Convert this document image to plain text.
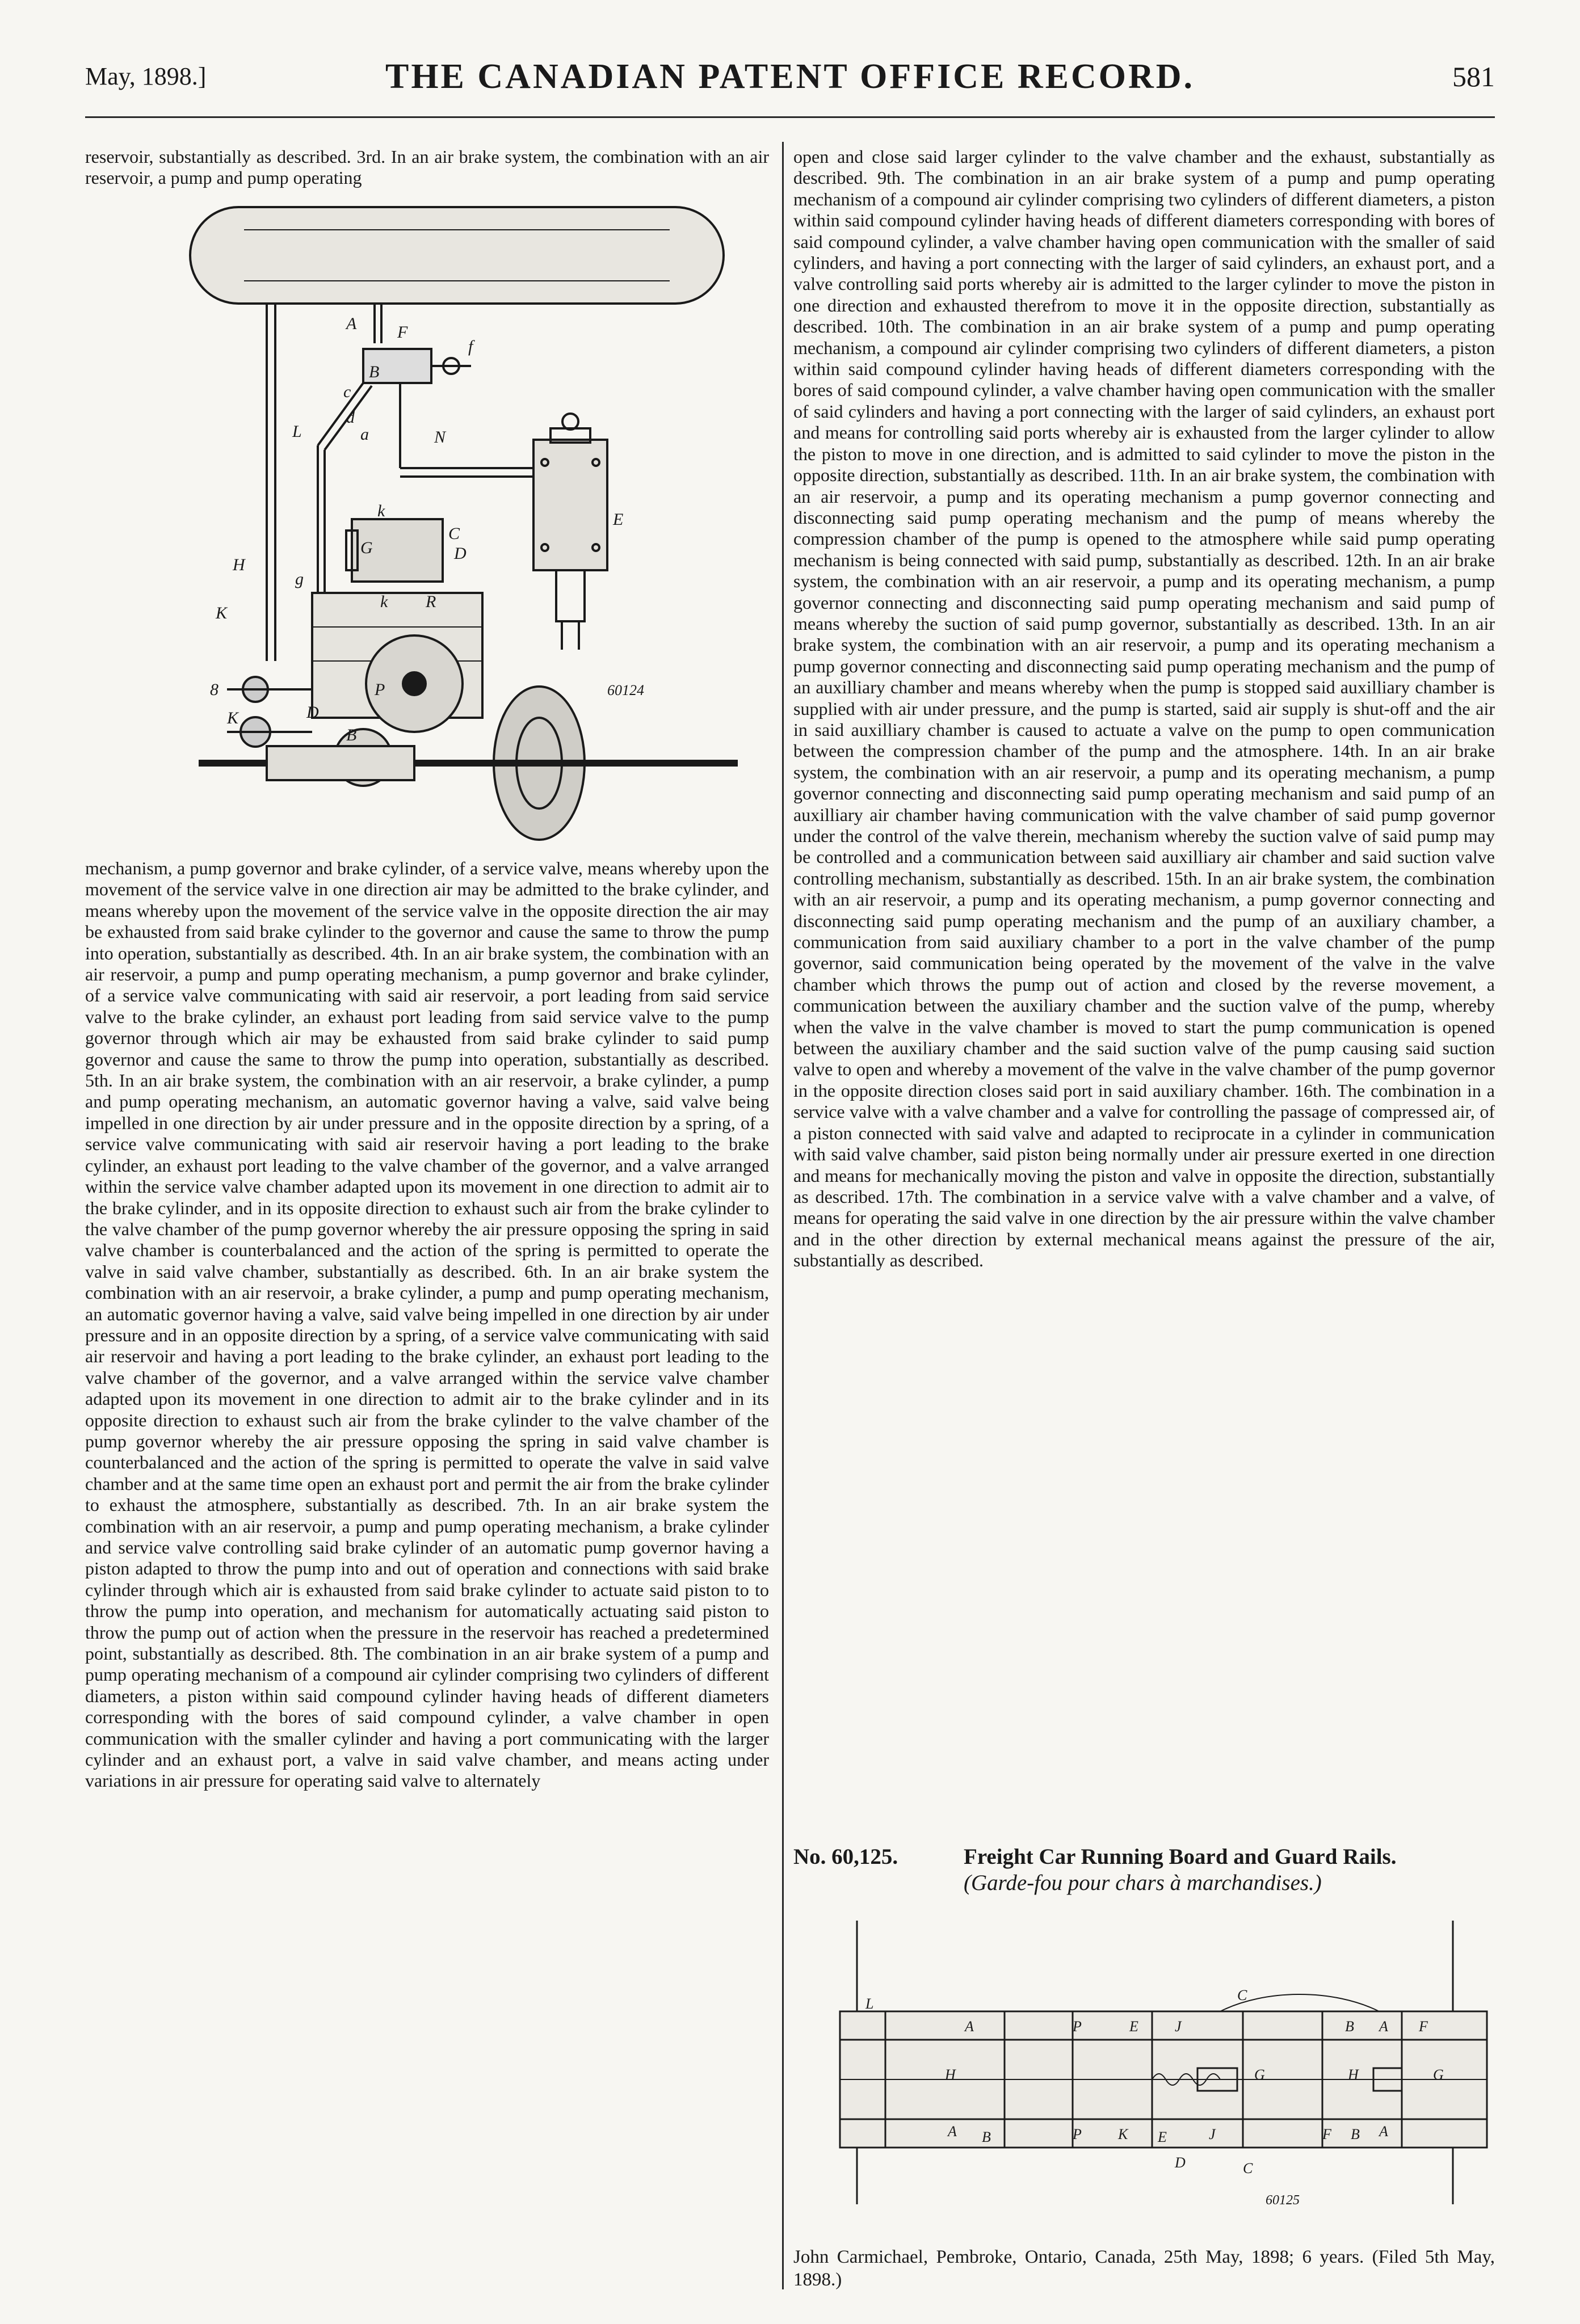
THE CANADIAN PATENT OFFICE RECORD.
May, 1898.]	581

reservoir, substantially as described. 3rd. In an air brake system, the combination with an air reservoir, a pump and pump operating

A
B
F
f
c
d
L	N
a
E
G
k
C
D
H
g
K
R
k
P
8
K	D
B
60124

mechanism, a pump governor and brake cylinder, of a service valve, means whereby upon the movement of the service valve in one direction air may be admitted to the brake cylinder, and means whereby upon the movement of the service valve in the opposite direction the air may be exhausted from said brake cylinder to the governor and cause the same to throw the pump into operation, substantially as described. 4th. In an air brake system, the combination with an air reservoir, a pump and pump operating mechanism, a pump governor and brake cylinder, of a service valve communicating with said air reservoir, a port leading from said service valve to the brake cylinder, an exhaust port leading from said service valve to the pump governor through which air may be exhausted from said brake cylinder to said pump governor and cause the same to throw the pump into operation, substantially as described. 5th. In an air brake system, the combination with an air reservoir, a brake cylinder, a pump and pump operating mechanism, an automatic governor having a valve, said valve being impelled in one direction by air under pressure and in the opposite direction by a spring, of a service valve communicating with said air reservoir having a port leading to the brake cylinder, an exhaust port leading to the valve chamber of the governor, and a valve arranged within the service valve chamber adapted upon its movement in one direction to admit air to the brake cylinder, and in its opposite direction to exhaust such air from the brake cylinder to the valve chamber of the pump governor whereby the air pressure opposing the spring in said valve chamber is counterbalanced and the action of the spring is permitted to operate the valve in said valve chamber, substantially as described. 6th. In an air brake system the combination with an air reservoir, a brake cylinder, a pump and pump operating mechanism, an automatic governor having a valve, said valve being impelled in one direction by air under pressure and in an opposite direction by a spring, of a service valve communicating with said air reservoir and having a port leading to the brake cylinder, an exhaust port leading to the valve chamber of the governor, and a valve arranged within the service valve chamber adapted upon its movement in one direction to admit air to the brake cylinder and in its opposite direction to exhaust such air from the brake cylinder to the valve chamber of the pump governor whereby the air pressure opposing the spring in said valve chamber is counterbalanced and the action of the spring is permitted to operate the valve in said valve chamber and at the same time open an exhaust port and permit the air from the brake cylinder to exhaust the atmosphere, substantially as described. 7th. In an air brake system the combination with an air reservoir, a pump and pump operating mechanism, a brake cylinder and service valve controlling said brake cylinder of an automatic pump governor having a piston adapted to throw the pump into and out of operation and connections with said brake cylinder through which air is exhausted from said brake cylinder to actuate said piston to to throw the pump into operation, and mechanism for automatically actuating said piston to throw the pump out of action when the pressure in the reservoir has reached a predetermined point, substantially as described. 8th. The combination in an air brake system of a pump and pump operating mechanism of a compound air cylinder comprising two cylinders of different diameters, a piston within said compound cylinder having heads of different diameters corresponding with the bores of said compound cylinder, a valve chamber in open communication with the smaller cylinder and having a port communicating with the larger cylinder and an exhaust port, a valve in said valve chamber, and means acting under variations in air pressure for operating said valve to alternately

open and close said larger cylinder to the valve chamber and the exhaust, substantially as described. 9th. The combination in an air brake system of a pump and pump operating mechanism of a compound air cylinder comprising two cylinders of different diameters, a piston within said compound cylinder having heads of different diameters corresponding with bores of said compound cylinder, a valve chamber having open communication with the smaller of said cylinders, and having a port connecting with the larger of said cylinders, an exhaust port, and a valve controlling said ports whereby air is admitted to the larger cylinder to move the piston in one direction and exhausted therefrom to move it in the opposite direction, substantially as described. 10th. The combination in an air brake system of a pump and pump operating mechanism, a compound air cylinder comprising two cylinders of different diameters, a piston within said compound cylinder having heads of different diameters corresponding with the bores of said compound cylinder, a valve chamber having open communication with the smaller of said cylinders and having a port connecting with the larger of said cylinders, an exhaust port and means for controlling said ports whereby air is exhausted from the larger cylinder to allow the piston to move in one direction, and is admitted to said cylinder to move the piston in the opposite direction, substantially as described. 11th. In an air brake system, the combination with an air reservoir, a pump and its operating mechanism a pump governor connecting and disconnecting said pump operating mechanism and the pump of means whereby the compression chamber of the pump is opened to the atmosphere while said pump operating mechanism is being connected with said pump, substantially as described. 12th. In an air brake system, the combination with an air reservoir, a pump and its operating mechanism, a pump governor connecting and disconnecting said pump operating mechanism and said pump of means whereby the suction of said pump governor, substantially as described. 13th. In an air brake system, the combination with an air reservoir, a pump and its operating mechanism a pump governor connecting and disconnecting said pump operating mechanism and the pump of an auxilliary chamber and means whereby when the pump is stopped said auxilliary chamber is supplied with air under pressure, and the pump is started, said air supply is shut-off and the air in said auxilliary chamber is caused to actuate a valve on the pump to open communication between the compression chamber of the pump and the atmosphere. 14th. In an air brake system, the combination with an air reservoir, a pump and its operating mechanism, a pump governor connecting and disconnecting said pump operating mechanism and said pump of an auxilliary air chamber having communication with the valve chamber of said pump governor under the control of the valve therein, mechanism whereby the suction valve of said pump may be controlled and a communication between said auxilliary air chamber and said suction valve controlling mechanism, substantially as described. 15th. In an air brake system, the combination with an air reservoir, a pump and its operating mechanism, a pump governor connecting and disconnecting said pump operating mechanism and the pump of an auxiliary chamber, a communication from said auxiliary chamber to a port in the valve chamber of the pump governor, said communication being operated by the movement of the valve in the valve chamber which throws the pump out of action and closed by the reverse movement, a communication between the auxiliary chamber and the suction valve of the pump, whereby when the valve in the valve chamber is moved to start the pump communication is opened between the auxiliary chamber and the said suction valve of the pump causing said suction valve to open and whereby a movement of the valve in the valve chamber of the pump governor in the opposite direction closes said port in said auxiliary chamber. 16th. The combination in a service valve with a valve chamber and a valve for controlling the passage of compressed air, of a piston connected with said valve and adapted to reciprocate in a cylinder in communication with said valve chamber, said piston being normally under air pressure exerted in one direction and means for mechanically moving the piston and valve in opposite the direction, substantially as described. 17th. The combination in a service valve with a valve chamber and a valve, of means for operating the said valve in one direction by the air pressure within the valve chamber and in the other direction by external mechanical means against the pressure of the air, substantially as described.

No. 60,125.	Freight Car Running Board and Guard Rails.
(Garde-fou pour chars à marchandises.)
L
C
P	E J
A	B A F
H	G	H	G
A B	P K E	J	F B A
D	C
60125
John Carmichael, Pembroke, Ontario, Canada, 25th May, 1898; 6 years. (Filed 5th May, 1898.)
